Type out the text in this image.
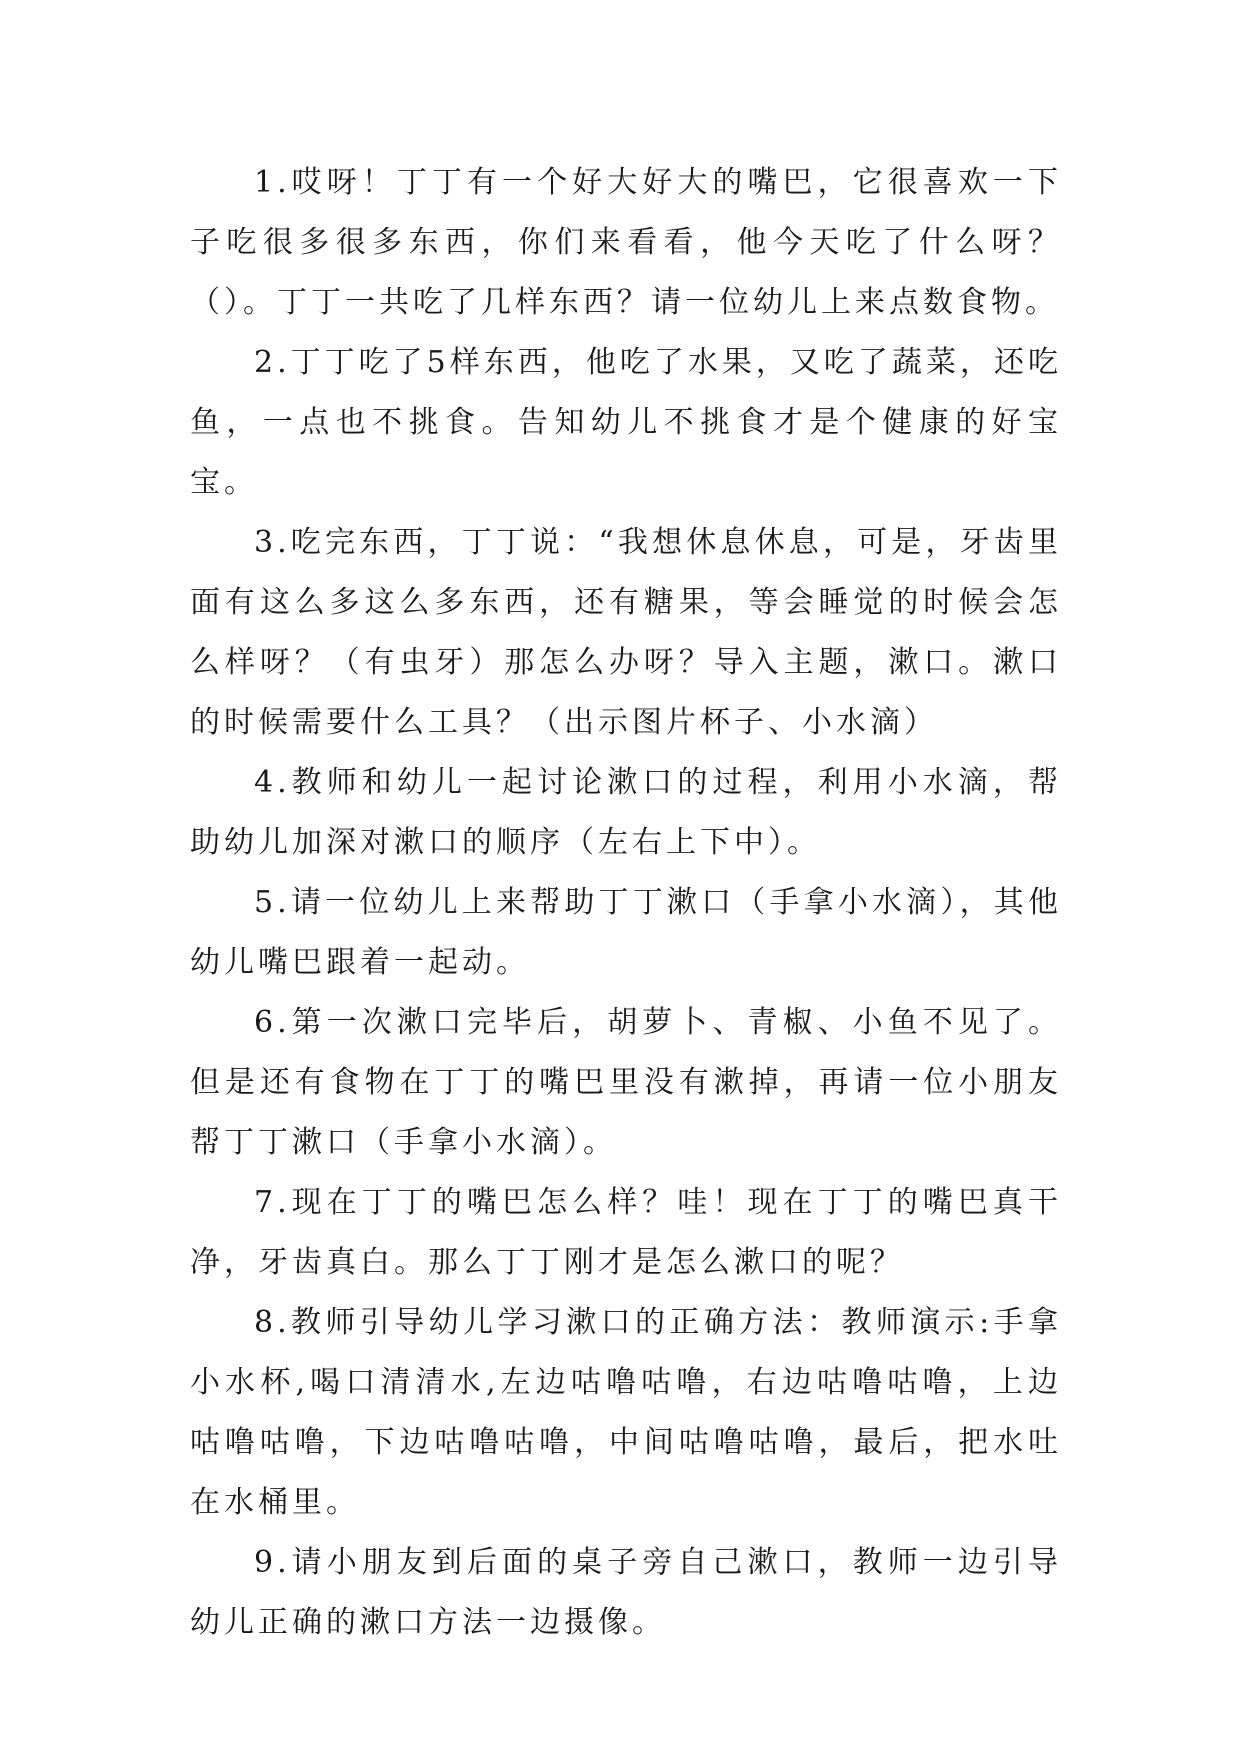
1.哎呀！丁丁有一个好大好大的嘴巴，它很喜欢一下子吃很多很多东西，你们来看看，他今天吃了什么呀？（）。丁丁一共吃了几样东西？请一位幼儿上来点数食物。

2.丁丁吃了5样东西，他吃了水果，又吃了蔬菜，还吃鱼，一点也不挑食。告知幼儿不挑食才是个健康的好宝宝。

3.吃完东西，丁丁说：“我想休息休息，可是，牙齿里面有这么多这么多东西，还有糖果，等会睡觉的时候会怎么样呀？（有虫牙）那怎么办呀？导入主题，漱口。漱口的时候需要什么工具？（出示图片杯子、小水滴）

4.教师和幼儿一起讨论漱口的过程，利用小水滴，帮助幼儿加深对漱口的顺序（左右上下中）。

5.请一位幼儿上来帮助丁丁漱口（手拿小水滴），其他幼儿嘴巴跟着一起动。

6.第一次漱口完毕后，胡萝卜、青椒、小鱼不见了。但是还有食物在丁丁的嘴巴里没有漱掉，再请一位小朋友帮丁丁漱口（手拿小水滴）。

7.现在丁丁的嘴巴怎么样？哇！现在丁丁的嘴巴真干净，牙齿真白。那么丁丁刚才是怎么漱口的呢？

8.教师引导幼儿学习漱口的正确方法：教师演示:手拿小水杯,喝口清清水,左边咕噜咕噜，右边咕噜咕噜，上边咕噜咕噜，下边咕噜咕噜，中间咕噜咕噜，最后，把水吐在水桶里。

9.请小朋友到后面的桌子旁自己漱口，教师一边引导幼儿正确的漱口方法一边摄像。
